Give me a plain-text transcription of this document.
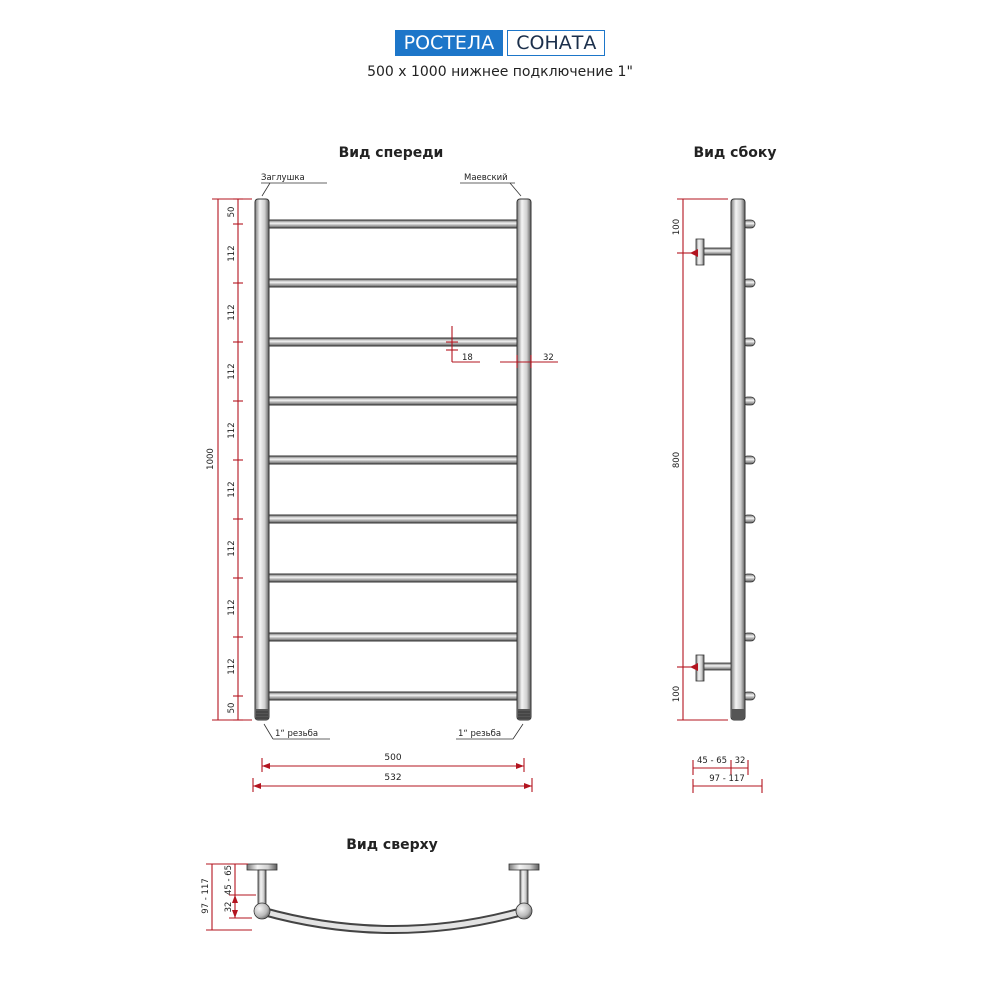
РОСТЕЛА СОНАТА
500 x 1000 нижнее подключение 1"
Вид спереди
Заглушка	Маевский
1“ резьба	1“ резьба
1000
50
112
112
112
112
112
112
112
112
50
18	32
500
532
Вид сбоку
100
800
100
45 - 65 32
97 - 117
Вид сверху
97 - 117 45 - 65
32
